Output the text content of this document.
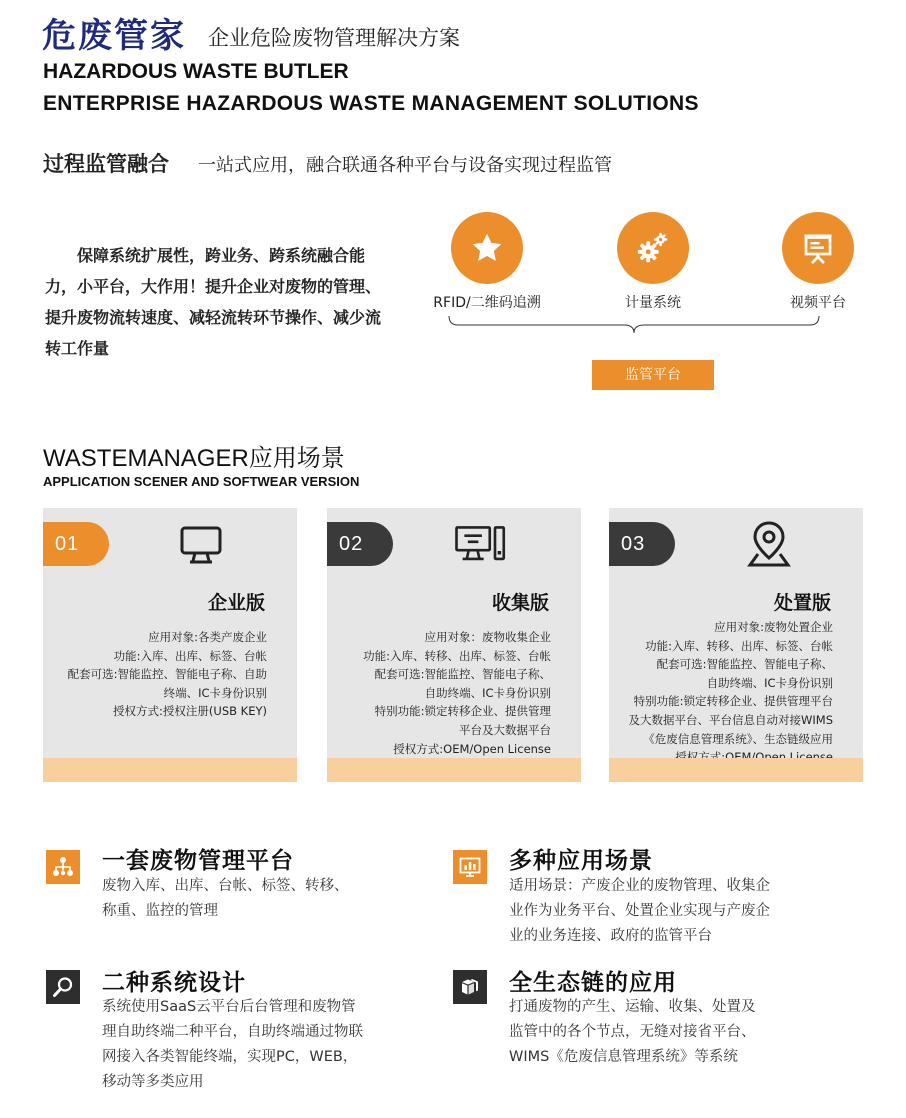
危废管家 企业危险废物管理解决方案
HAZARDOUS WASTE BUTLER
ENTERPRISE HAZARDOUS WASTE MANAGEMENT SOLUTIONS
过程监管融合 一站式应用，融合联通各种平台与设备实现过程监管
保障系统扩展性，跨业务、跨系统融合能力，小平台，大作用！提升企业对废物的管理、提升废物流转速度、减轻流转环节操作、减少流转工作量
RFID/二维码追溯	计量系统	视频平台
监管平台
WASTEMANAGER应用场景
APPLICATION SCENER AND SOFTWEAR VERSION
01
企业版
应用对象:各类产废企业
功能:入库、出库、标签、台帐
配套可选:智能监控、智能电子称、自助
终端、IC卡身份识别
授权方式:授权注册(USB KEY)
02
收集版
应用对象：废物收集企业
功能:入库、转移、出库、标签、台帐
配套可选:智能监控、智能电子称、
自助终端、IC卡身份识别
特别功能:锁定转移企业、提供管理
平台及大数据平台
授权方式:OEM/Open License
03
处置版
应用对象:废物处置企业
功能:入库、转移、出库、标签、台帐
配套可选:智能监控、智能电子称、
自助终端、IC卡身份识别
特别功能:锁定转移企业、提供管理平台
及大数据平台、平台信息自动对接WIMS
《危废信息管理系统》、生态链级应用
一套废物管理平台
废物入库、出库、台帐、标签、转移、
称重、监控的管理
多种应用场景
适用场景：产废企业的废物管理、收集企
业作为业务平台、处置企业实现与产废企
业的业务连接、政府的监管平台
二种系统设计
系统使用SaaS云平台后台管理和废物管
理自助终端二种平台，自助终端通过物联
网接入各类智能终端，实现PC，WEB，
移动等多类应用
全生态链的应用
打通废物的产生、运输、收集、处置及
监管中的各个节点，无缝对接省平台、
WIMS《危废信息管理系统》等系统
